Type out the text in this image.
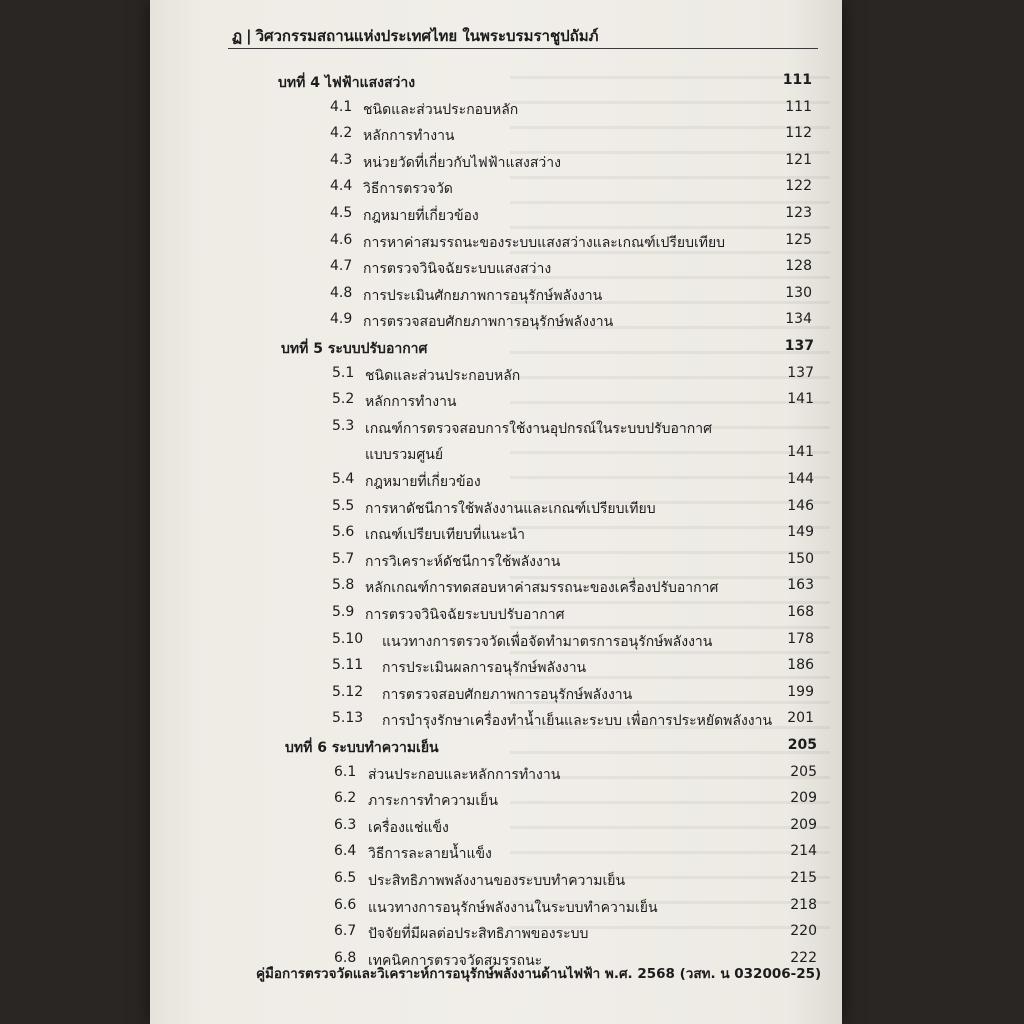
ฏ | วิศวกรรมสถานแห่งประเทศไทย ในพระบรมราชูปถัมภ์
บทที่ 4 ไฟฟ้าแสงสว่าง	111
4.1 ชนิดและส่วนประกอบหลัก	111
4.2 หลักการทำงาน	112
4.3 หน่วยวัดที่เกี่ยวกับไฟฟ้าแสงสว่าง	121
4.4 วิธีการตรวจวัด	122
4.5 กฎหมายที่เกี่ยวข้อง	123
4.6 การหาค่าสมรรถนะของระบบแสงสว่างและเกณฑ์เปรียบเทียบ	125
4.7 การตรวจวินิจฉัยระบบแสงสว่าง	128
4.8 การประเมินศักยภาพการอนุรักษ์พลังงาน	130
4.9 การตรวจสอบศักยภาพการอนุรักษ์พลังงาน	134
บทที่ 5 ระบบปรับอากาศ	137
5.1 ชนิดและส่วนประกอบหลัก	137
5.2 หลักการทำงาน	141
5.3 เกณฑ์การตรวจสอบการใช้งานอุปกรณ์ในระบบปรับอากาศ
แบบรวมศูนย์	141
5.4 กฎหมายที่เกี่ยวข้อง	144
5.5 การหาดัชนีการใช้พลังงานและเกณฑ์เปรียบเทียบ	146
5.6 เกณฑ์เปรียบเทียบที่แนะนำ	149
5.7 การวิเคราะห์ดัชนีการใช้พลังงาน	150
5.8 หลักเกณฑ์การทดสอบหาค่าสมรรถนะของเครื่องปรับอากาศ	163
5.9 การตรวจวินิจฉัยระบบปรับอากาศ	168
5.10 แนวทางการตรวจวัดเพื่อจัดทำมาตรการอนุรักษ์พลังงาน	178
5.11 การประเมินผลการอนุรักษ์พลังงาน	186
5.12 การตรวจสอบศักยภาพการอนุรักษ์พลังงาน	199
5.13 การบำรุงรักษาเครื่องทำน้ำเย็นและระบบ เพื่อการประหยัดพลังงาน 201
บทที่ 6 ระบบทำความเย็น	205
6.1 ส่วนประกอบและหลักการทำงาน	205
6.2 ภาระการทำความเย็น	209
6.3 เครื่องแช่แข็ง	209
6.4 วิธีการละลายน้ำแข็ง	214
6.5 ประสิทธิภาพพลังงานของระบบทำความเย็น	215
6.6 แนวทางการอนุรักษ์พลังงานในระบบทำความเย็น	218
6.7 ปัจจัยที่มีผลต่อประสิทธิภาพของระบบ	220
6.8 เทคนิคการตรวจวัดสมรรถนะ	222
คู่มือการตรวจวัดและวิเคราะห์การอนุรักษ์พลังงานด้านไฟฟ้า พ.ศ. 2568 (วสท. น 032006-25)
